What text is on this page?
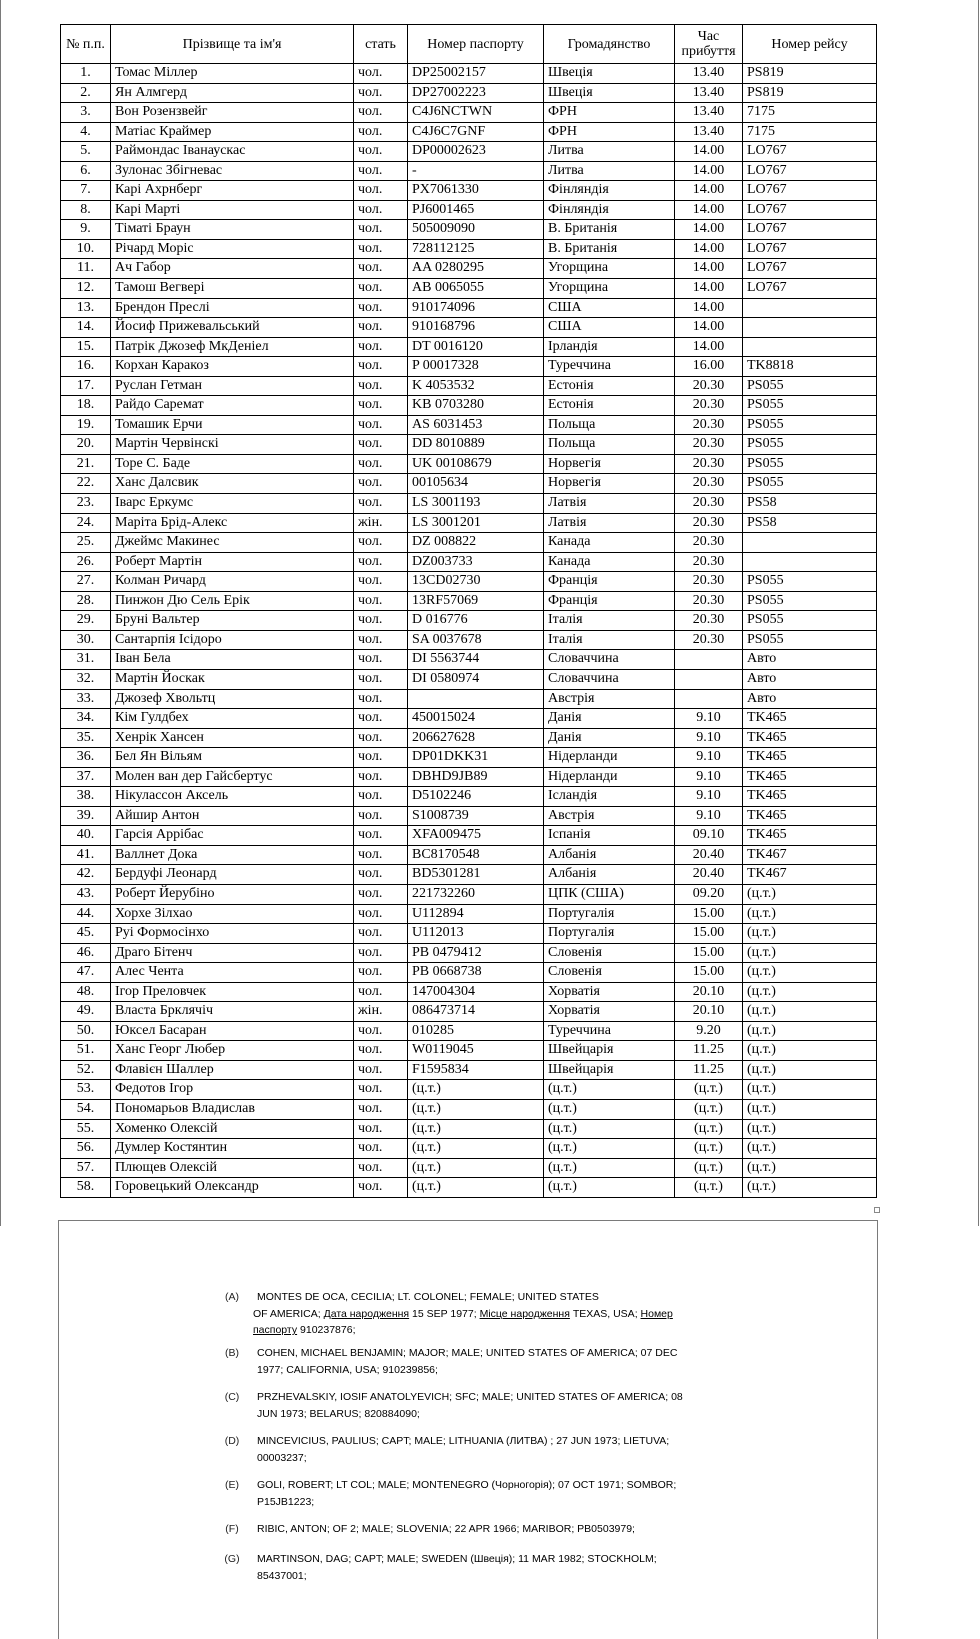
№ п.п.	Прізвище та ім'я	стать	Номер паспорту	Громадянство	Час прибуття	Номер рейсу
1.	Томас Міллер	чол.	DP25002157	Швеція	13.40	PS819
2.	Ян Алмгерд	чол.	DP27002223	Швеція	13.40	PS819
3.	Вон Розензвейг	чол.	C4J6NCTWN	ФРН	13.40	7175
4.	Матіас Краймер	чол.	C4J6C7GNF	ФРН	13.40	7175
5.	Раймондас Іванаускас	чол.	DP00002623	Литва	14.00	LO767
6.	Зулонас Збігневас	чол.	-	Литва	14.00	LO767
7.	Карі Ахрнберг	чол.	PX7061330	Фінляндія	14.00	LO767
8.	Карі Марті	чол.	PJ6001465	Фінляндія	14.00	LO767
9.	Тіматі Браун	чол.	505009090	В. Британія	14.00	LO767
10.	Річард Моріс	чол.	728112125	В. Британія	14.00	LO767
11.	Ач Габор	чол.	AA 0280295	Угорщина	14.00	LO767
12.	Тамош Вегвері	чол.	AB 0065055	Угорщина	14.00	LO767
13.	Брендон Преслі	чол.	910174096	США	14.00	
14.	Йосиф Прижевальський	чол.	910168796	США	14.00	
15.	Патрік Джозеф МкДеніел	чол.	DT 0016120	Ірландія	14.00	
16.	Корхан Каракоз	чол.	P 00017328	Туреччина	16.00	TK8818
17.	Руслан Гетман	чол.	K 4053532	Естонія	20.30	PS055
18.	Райдо Саремат	чол.	KB 0703280	Естонія	20.30	PS055
19.	Томашик Ерчи	чол.	AS 6031453	Польща	20.30	PS055
20.	Мартін Червінскі	чол.	DD 8010889	Польща	20.30	PS055
21.	Торе С. Баде	чол.	UK 00108679	Норвегія	20.30	PS055
22.	Ханс Далсвик	чол.	00105634	Норвегія	20.30	PS055
23.	Іварс Еркумс	чол.	LS 3001193	Латвія	20.30	PS58
24.	Маріта Брід-Алекс	жін.	LS 3001201	Латвія	20.30	PS58
25.	Джеймс Макинес	чол.	DZ 008822	Канада	20.30	
26.	Роберт Мартін	чол.	DZ003733	Канада	20.30	
27.	Колман Ричард	чол.	13CD02730	Франція	20.30	PS055
28.	Пинжон Дю Сель Ерік	чол.	13RF57069	Франція	20.30	PS055
29.	Бруні Вальтер	чол.	D 016776	Італія	20.30	PS055
30.	Сантарпія Ісідоро	чол.	SA 0037678	Італія	20.30	PS055
31.	Іван Бела	чол.	DI 5563744	Словаччина		Авто
32.	Мартін Йоскак	чол.	DI 0580974	Словаччина		Авто
33.	Джозеф Хвольтц	чол.		Австрія		Авто
34.	Кім Гулдбех	чол.	450015024	Данія	9.10	TK465
35.	Хенрік Хансен	чол.	206627628	Данія	9.10	TK465
36.	Бел Ян Вільям	чол.	DP01DKK31	Нідерланди	9.10	TK465
37.	Молен ван дер Гайсбертус	чол.	DBHD9JB89	Нідерланди	9.10	TK465
38.	Нікулассон Аксель	чол.	D5102246	Ісландія	9.10	TK465
39.	Айшир Антон	чол.	S1008739	Австрія	9.10	TK465
40.	Гарсія Аррібас	чол.	XFA009475	Іспанія	09.10	TK465
41.	Валлнет Дока	чол.	BC8170548	Албанія	20.40	TK467
42.	Бердуфі Леонард	чол.	BD5301281	Албанія	20.40	TK467
43.	Роберт Йерубіно	чол.	221732260	ЦПК (США)	09.20	(ц.т.)
44.	Хорхе Зілхао	чол.	U112894	Португалія	15.00	(ц.т.)
45.	Руі Формосінхо	чол.	U112013	Португалія	15.00	(ц.т.)
46.	Драго Бітенч	чол.	PB 0479412	Словенія	15.00	(ц.т.)
47.	Алес Чента	чол.	PB 0668738	Словенія	15.00	(ц.т.)
48.	Ігор Преловчек	чол.	147004304	Хорватія	20.10	(ц.т.)
49.	Власта Брклячіч	жін.	086473714	Хорватія	20.10	(ц.т.)
50.	Юксел Басаран	чол.	010285	Туреччина	9.20	(ц.т.)
51.	Ханс Георг Любер	чол.	W0119045	Швейцарія	11.25	(ц.т.)
52.	Флавієн Шаллер	чол.	F1595834	Швейцарія	11.25	(ц.т.)
53.	Федотов Ігор	чол.	(ц.т.)	(ц.т.)	(ц.т.)	(ц.т.)
54.	Пономарьов Владислав	чол.	(ц.т.)	(ц.т.)	(ц.т.)	(ц.т.)
55.	Хоменко Олексій	чол.	(ц.т.)	(ц.т.)	(ц.т.)	(ц.т.)
56.	Думлер Костянтин	чол.	(ц.т.)	(ц.т.)	(ц.т.)	(ц.т.)
57.	Плющев Олексій	чол.	(ц.т.)	(ц.т.)	(ц.т.)	(ц.т.)
58.	Горовецький Олександр	чол.	(ц.т.)	(ц.т.)	(ц.т.)	(ц.т.)
(A)	MONTES DE OCA, CECILIA; LT. COLONEL; FEMALE; UNITED STATES
OF AMERICA; Дата народження 15 SEP 1977; Місце народження TEXAS, USA; Номер
паспорту 910237876;
(B)	COHEN, MICHAEL BENJAMIN; MAJOR; MALE; UNITED STATES OF AMERICA; 07 DEC
1977; CALIFORNIA, USA; 910239856;
(C)	PRZHEVALSKIY, IOSIF ANATOLYEVICH; SFC; MALE; UNITED STATES OF AMERICA; 08
JUN 1973; BELARUS; 820884090;
(D)	MINCEVICIUS, PAULIUS; CAPT; MALE; LITHUANIA (ЛИТВА) ; 27 JUN 1973; LIETUVA;
00003237;
(E)	GOLI, ROBERT; LT COL; MALE; MONTENEGRO (Чорногорія); 07 OCT 1971; SOMBOR;
P15JB1223;
(F)	RIBIC, ANTON; OF 2; MALE; SLOVENIA; 22 APR 1966; MARIBOR; PB0503979;
(G)	MARTINSON, DAG; CAPT; MALE; SWEDEN (Швеція); 11 MAR 1982; STOCKHOLM;
85437001;
